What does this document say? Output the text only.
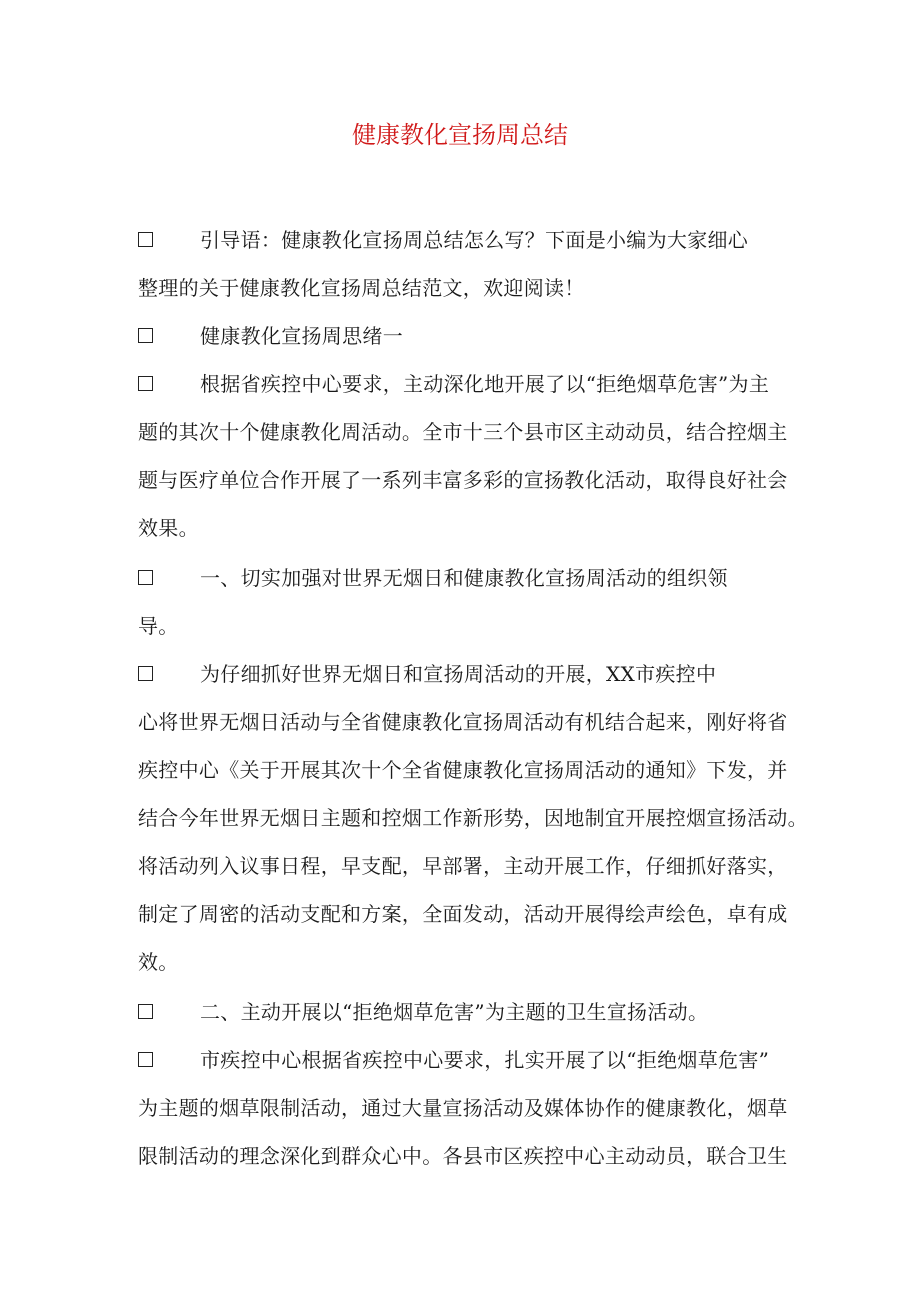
健康教化宣扬周总结
引导语：健康教化宣扬周总结怎么写？下面是小编为大家细心
整理的关于健康教化宣扬周总结范文，欢迎阅读！
健康教化宣扬周思绪一
根据省疾控中心要求，主动深化地开展了以“拒绝烟草危害”为主
题的其次十个健康教化周活动。全市十三个县市区主动动员，结合控烟主
题与医疗单位合作开展了一系列丰富多彩的宣扬教化活动，取得良好社会
效果。
一、切实加强对世界无烟日和健康教化宣扬周活动的组织领
导。
为仔细抓好世界无烟日和宣扬周活动的开展，XX市疾控中
心将世界无烟日活动与全省健康教化宣扬周活动有机结合起来，刚好将省
疾控中心《关于开展其次十个全省健康教化宣扬周活动的通知》下发，并
结合今年世界无烟日主题和控烟工作新形势，因地制宜开展控烟宣扬活动。
将活动列入议事日程，早支配，早部署，主动开展工作，仔细抓好落实，
制定了周密的活动支配和方案，全面发动，活动开展得绘声绘色，卓有成
效。
二、主动开展以“拒绝烟草危害”为主题的卫生宣扬活动。
市疾控中心根据省疾控中心要求，扎实开展了以“拒绝烟草危害”
为主题的烟草限制活动，通过大量宣扬活动及媒体协作的健康教化，烟草
限制活动的理念深化到群众心中。各县市区疾控中心主动动员，联合卫生
